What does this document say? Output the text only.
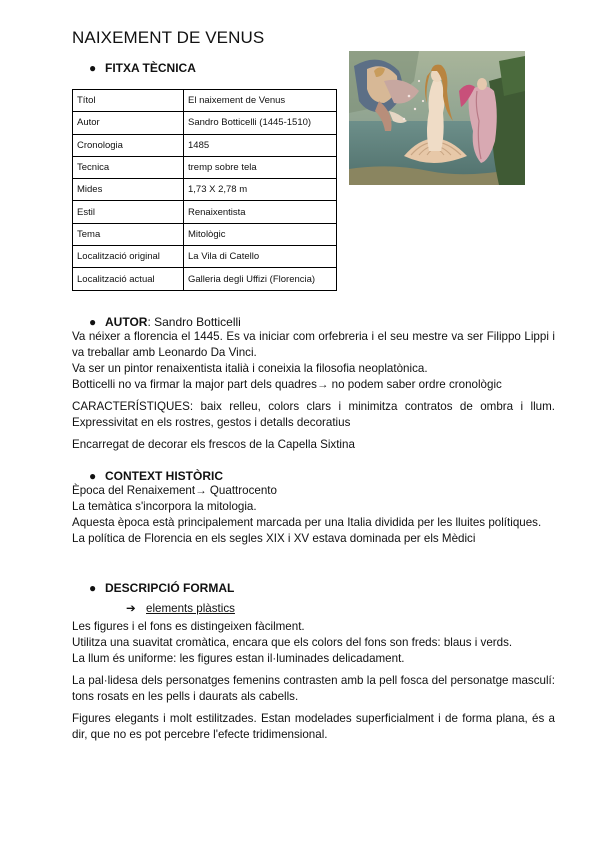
NAIXEMENT DE VENUS
● FITXA TÈCNICA
Títol	El naixement de Venus
Autor	Sandro Botticelli (1445-1510)
Cronologia	1485
Tecnica	tremp sobre tela
Mides	1,73 X 2,78 m
Estil	Renaixentista
Tema	Mitològic
Localització original	La Vila di Catello
Localització actual	Galleria degli Uffizi (Florencia)
● AUTOR: Sandro Botticelli

Va néixer a florencia el 1445. Es va iniciar com orfebreria i el seu mestre va ser Filippo Lippi i va treballar amb Leonardo Da Vinci.

Va ser un pintor renaixentista italià i coneixia la filosofia neoplatònica.

Botticelli no va firmar la major part dels quadres→ no podem saber ordre cronològic

CARACTERÍSTIQUES: baix relleu, colors clars i minimitza contratos de ombra i llum. Expressivitat en els rostres, gestos i detalls decoratius

Encarregat de decorar els frescos de la Capella Sixtina

● CONTEXT HISTÒRIC

Època del Renaixement→ Quattrocento

La temàtica s'incorpora la mitologia.

Aquesta època està principalement marcada per una Italia dividida per les lluites polítiques.

La política de Florencia en els segles XIX i XV estava dominada per els Mèdici

● DESCRIPCIÓ FORMAL
➔ elements plàstics

Les figures i el fons es distingeixen fàcilment.

Utilitza una suavitat cromàtica, encara que els colors del fons son freds: blaus i verds.

La llum és uniforme: les figures estan il·luminades delicadament.

La pal·lidesa dels personatges femenins contrasten amb la pell fosca del personatge masculí: tons rosats en les pells i daurats als cabells.

Figures elegants i molt estilitzades. Estan modelades superficialment i de forma plana, és a dir, que no es pot percebre l'efecte tridimensional.
